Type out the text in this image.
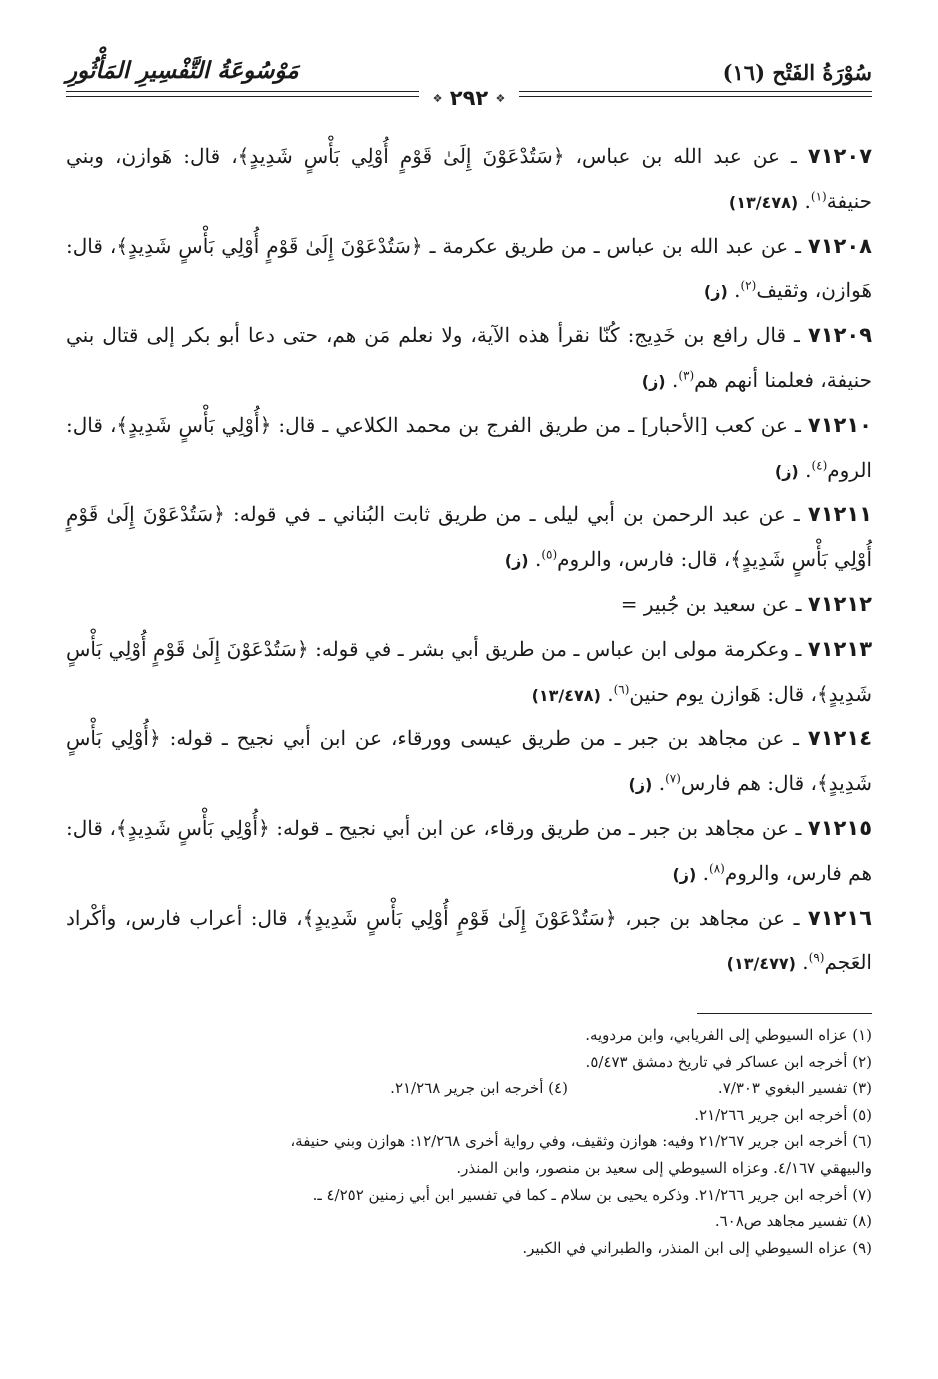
سُوْرَةُ الفَتْح (١٦)
مَوْسُوعَةُ التَّفْسِيرِ المَأْثُورِ
❖ ٢٩٢ ❖
٧١٢٠٧ ـ عن عبد الله بن عباس، ﴿سَتُدْعَوْنَ إِلَىٰ قَوْمٍ أُوْلِي بَأْسٍ شَدِيدٍ﴾، قال: هَوازن، وبني حنيفة$^{(١)}$. (١٣/٤٧٨)
٧١٢٠٨ ـ عن عبد الله بن عباس ـ من طريق عكرمة ـ ﴿سَتُدْعَوْنَ إِلَىٰ قَوْمٍ أُوْلِي بَأْسٍ شَدِيدٍ﴾، قال: هَوازن، وثقيف$^{(٢)}$. (ز)
٧١٢٠٩ ـ قال رافع بن خَدِيج: كُنّا نقرأ هذه الآية، ولا نعلم مَن هم، حتى دعا أبو بكر إلى قتال بني حنيفة، فعلمنا أنهم هم$^{(٣)}$. (ز)
٧١٢١٠ ـ عن كعب [الأحبار] ـ من طريق الفرج بن محمد الكلاعي ـ قال: ﴿أُوْلِي بَأْسٍ شَدِيدٍ﴾، قال: الروم$^{(٤)}$. (ز)
٧١٢١١ ـ عن عبد الرحمن بن أبي ليلى ـ من طريق ثابت البُناني ـ في قوله: ﴿سَتُدْعَوْنَ إِلَىٰ قَوْمٍ أُوْلِي بَأْسٍ شَدِيدٍ﴾، قال: فارس، والروم$^{(٥)}$. (ز)
٧١٢١٢ ـ عن سعيد بن جُبير =
٧١٢١٣ ـ وعكرمة مولى ابن عباس ـ من طريق أبي بشر ـ في قوله: ﴿سَتُدْعَوْنَ إِلَىٰ قَوْمٍ أُوْلِي بَأْسٍ شَدِيدٍ﴾، قال: هَوازن يوم حنين$^{(٦)}$. (١٣/٤٧٨)
٧١٢١٤ ـ عن مجاهد بن جبر ـ من طريق عيسى وورقاء، عن ابن أبي نجيح ـ قوله: ﴿أُوْلِي بَأْسٍ شَدِيدٍ﴾، قال: هم فارس$^{(٧)}$. (ز)
٧١٢١٥ ـ عن مجاهد بن جبر ـ من طريق ورقاء، عن ابن أبي نجيح ـ قوله: ﴿أُوْلِي بَأْسٍ شَدِيدٍ﴾، قال: هم فارس، والروم$^{(٨)}$. (ز)
٧١٢١٦ ـ عن مجاهد بن جبر، ﴿سَتُدْعَوْنَ إِلَىٰ قَوْمٍ أُوْلِي بَأْسٍ شَدِيدٍ﴾، قال: أعراب فارس، وأكْراد العَجم$^{(٩)}$. (١٣/٤٧٧)
(١) عزاه السيوطي إلى الفريابي، وابن مردويه.
(٢) أخرجه ابن عساكر في تاريخ دمشق ٥/٤٧٣.
(٣) تفسير البغوي ٧/٣٠٣.
(٤) أخرجه ابن جرير ٢١/٢٦٨.
(٥) أخرجه ابن جرير ٢١/٢٦٦.
(٦) أخرجه ابن جرير ٢١/٢٦٧ وفيه: هوازن وثقيف، وفي رواية أخرى ١٢/٢٦٨: هوازن وبني حنيفة،
والبيهقي ٤/١٦٧. وعزاه السيوطي إلى سعيد بن منصور، وابن المنذر.
(٧) أخرجه ابن جرير ٢١/٢٦٦. وذكره يحيى بن سلام ـ كما في تفسير ابن أبي زمنين ٤/٢٥٢ ـ.
(٨) تفسير مجاهد ص٦٠٨.
(٩) عزاه السيوطي إلى ابن المنذر، والطبراني في الكبير.
